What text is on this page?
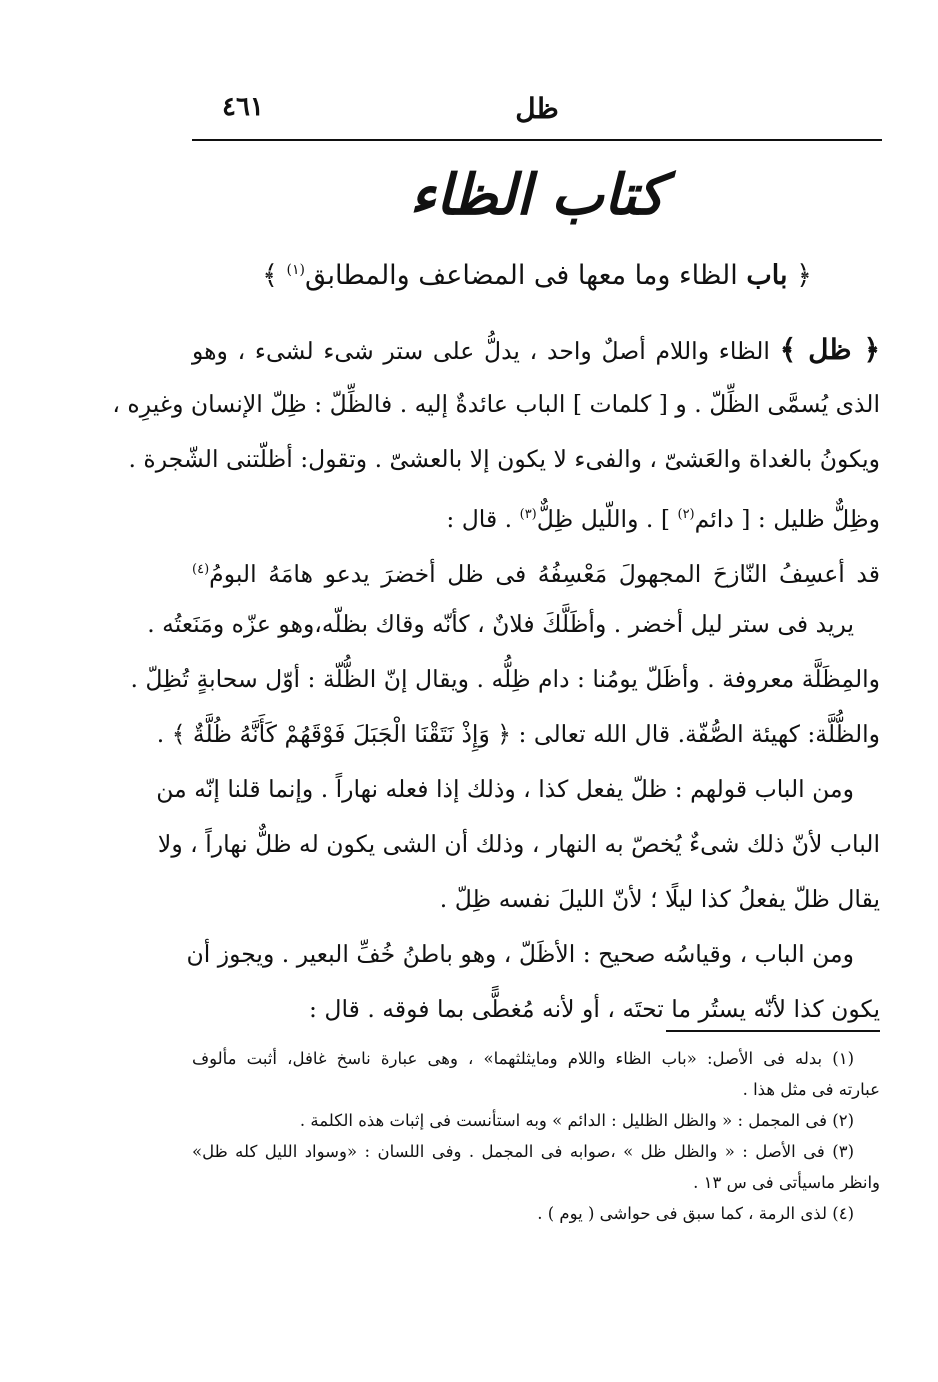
٤٦١	ظل
كتاب الظاء
﴿ باب الظاء وما معها فى المضاعف والمطابق$^{(١)}$ ﴾
﴿ ظل ﴾ الظاء واللام أصلٌ واحد ، يدلُّ على ستر شىء لشىء ، وهو
الذى يُسمَّى الظِّلّ . و [ كلمات ] الباب عائدةٌ إليه . فالظِّلّ : ظِلّ الإنسان وغيرِه ،
ويكونُ بالغداة والعَشىّ ، والفىء لا يكون إلا بالعشىّ . وتقول: أظلّتنى الشّجرة .
وظِلٌّ ظليل : [ دائم$^{(٢)}$ ] . واللّيل ظِلٌّ$^{(٣)}$ . قال :
قد أعسِفُ النّازحَ المجهولَ مَعْسِفُهُ فى ظل أخضرَ يدعو هامَهُ البومُ$^{(٤)}$
يريد فى ستر ليل أخضر . وأظَلَّكَ فلانٌ ، كأنّه وقاك بظلّه،وهو عزّه ومَنَعتُه .
والمِظَلَّة معروفة . وأظَلّ يومُنا : دام ظِلُّه . ويقال إنّ الظُّلّة : أوّل سحابةٍ تُظِلّ .
والظُّلَّة: كهيئة الصُّفّة. قال الله تعالى : ﴿ وَإِذْ نَتَقْنَا الْجَبَلَ فَوْقَهُمْ كَأَنَّهُ ظُلَّةٌ ﴾ .
ومن الباب قولهم : ظلّ يفعل كذا ، وذلك إذا فعله نهاراً . وإنما قلنا إنّه من
الباب لأنّ ذلك شىءٌ يُخصّ به النهار ، وذلك أن الشى يكون له ظلٌّ نهاراً ، ولا
يقال ظلّ يفعلُ كذا ليلًا ؛ لأنّ الليلَ نفسه ظِلّ .
ومن الباب ، وقياسُه صحيح : الأظَلّ ، وهو باطنُ خُفِّ البعير . ويجوز أن
يكون كذا لأنّه يستُر ما تحتَه ، أو لأنه مُغطًّى بما فوقه . قال :
(١) بدله فى الأصل: «باب الظاء واللام ومايثلثهما» ، وهى عبارة ناسخ غافل، أثبت مألوف
عبارته فى مثل هذا .
(٢) فى المجمل : « والظل الظليل : الدائم » وبه استأنست فى إثبات هذه الكلمة .
(٣) فى الأصل : « والظل ظل » ،صوابه فى المجمل . وفى اللسان : «وسواد الليل كله ظل»
وانظر ماسيأتى فى س ١٣ .
(٤) لذى الرمة ، كما سبق فى حواشى ( يوم ) .
